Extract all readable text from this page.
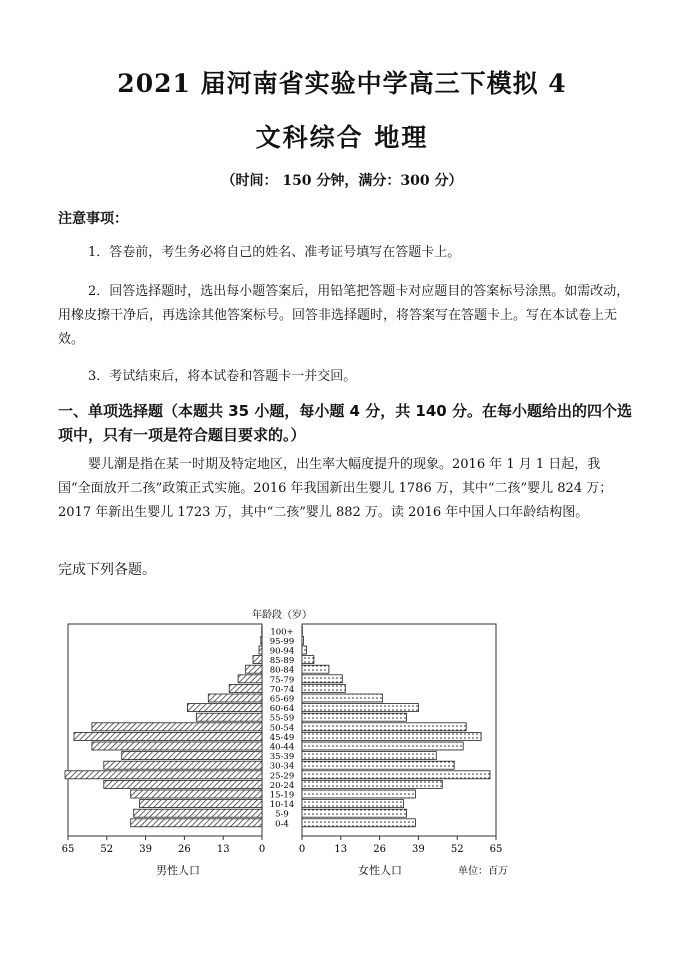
2021 届河南省实验中学高三下模拟 4
文科综合 地理
（时间： 150 分钟，满分：300 分）
注意事项：
1．答卷前，考生务必将自己的姓名、准考证号填写在答题卡上。
2．回答选择题时，选出每小题答案后，用铅笔把答题卡对应题目的答案标号涂黑。如需改动，用橡皮擦干净后，再选涂其他答案标号。回答非选择题时，将答案写在答题卡上。写在本试卷上无效。
3．考试结束后，将本试卷和答题卡一并交回。
一、单项选择题（本题共 35 小题，每小题 4 分，共 140 分。在每小题给出的四个选项中，只有一项是符合题目要求的。）
婴儿潮是指在某一时期及特定地区，出生率大幅度提升的现象。2016 年 1 月 1 日起，我国“全面放开二孩”政策正式实施。2016 年我国新出生婴儿 1786 万，其中“二孩”婴儿 824 万； 2017 年新出生婴儿 1723 万，其中“二孩”婴儿 882 万。读 2016 年中国人口年龄结构图。
完成下列各题。
年龄段（岁）
100+
95-99
90-94
85-89
80-84
75-79
70-74
65-69
60-64
55-59
50-54
45-49
40-44
35-39
30-34
25-29
20-24
15-19
10-14
5-9
0-4
65	65
52	52
39	39
26	26
13	13
0	0
男性人口	女性人口	单位：百万
